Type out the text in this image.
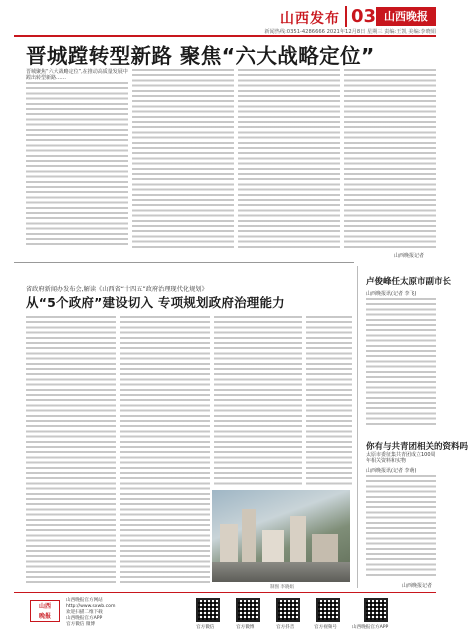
山西发布 03 山西晚报
新闻热线:0351-4286666 2021年12月8日 星期三 责编:王凯 美编:李晓娟
晋城蹚转型新路 聚焦“六大战略定位”
晋城聚焦“六大战略定位”,在推动高质量发展中蹚出转型新路……
山西晚报记者
省政府新闻办发布会,解读《山西省“十四五”政府治理现代化规划》
从“5个政府”建设切入 专项规划政府治理能力
制图 李晓娟
卢俊峰任太原市副市长
山西晚报讯(记者 李飞)
你有与共青团相关的资料吗
太原市委征集共青团成立100周年相关资料和实物
山西晚报讯(记者 李萌)
山西晚报记者
山西
晚报
山西晚报官方网站
http://www.sxwb.com
欢迎扫描二维下载
山西晚报官方APP
官方微信 微博
官方微信	官方微博	官方抖音	官方视频号	山西晚报官方APP
